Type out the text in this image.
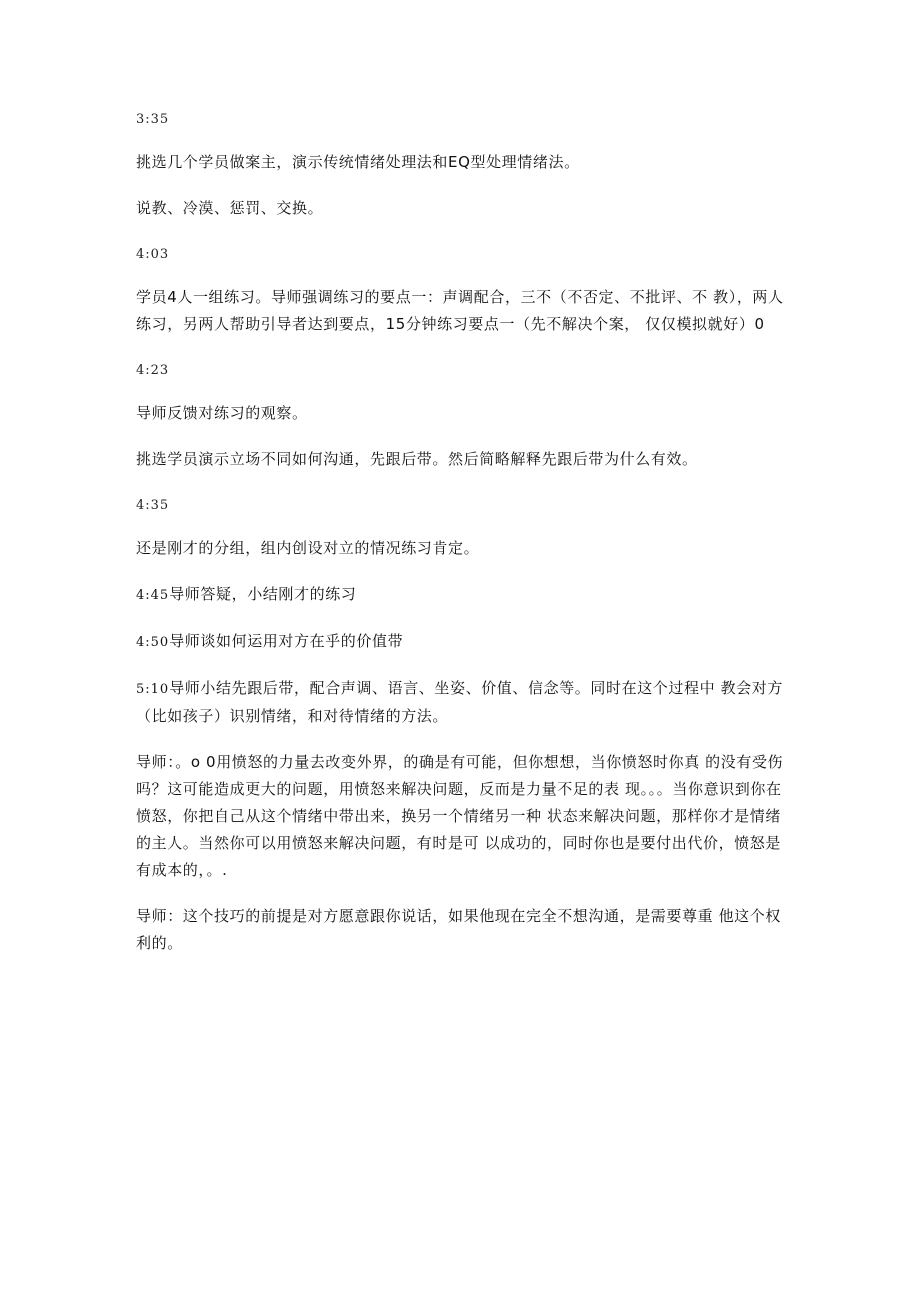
3:35

挑选几个学员做案主，演示传统情绪处理法和EQ型处理情绪法。

说教、冷漠、惩罚、交换。

4:03

学员4人一组练习。导师强调练习的要点一：声调配合，三不（不否定、不批评、不 教），两人练习，另两人帮助引导者达到要点，15分钟练习要点一（先不解决个案， 仅仅模拟就好）0

4:23

导师反馈对练习的观察。

挑选学员演示立场不同如何沟通，先跟后带。然后简略解释先跟后带为什么有效。

4:35

还是刚才的分组，组内创设对立的情况练习肯定。

4:45导师答疑，小结刚才的练习

4:50导师谈如何运用对方在乎的价值带

5:10导师小结先跟后带，配合声调、语言、坐姿、价值、信念等。同时在这个过程中 教会对方（比如孩子）识别情绪，和对待情绪的方法。

导师：。o 0用愤怒的力量去改变外界，的确是有可能，但你想想，当你愤怒时你真 的没有受伤吗？这可能造成更大的问题，用愤怒来解决问题，反而是力量不足的表 现。。。当你意识到你在愤怒，你把自己从这个情绪中带出来，换另一个情绪另一种 状态来解决问题，那样你才是情绪的主人。当然你可以用愤怒来解决问题，有时是可 以成功的，同时你也是要付出代价，愤怒是有成本的，。.

导师：这个技巧的前提是对方愿意跟你说话，如果他现在完全不想沟通，是需要尊重 他这个权利的。
